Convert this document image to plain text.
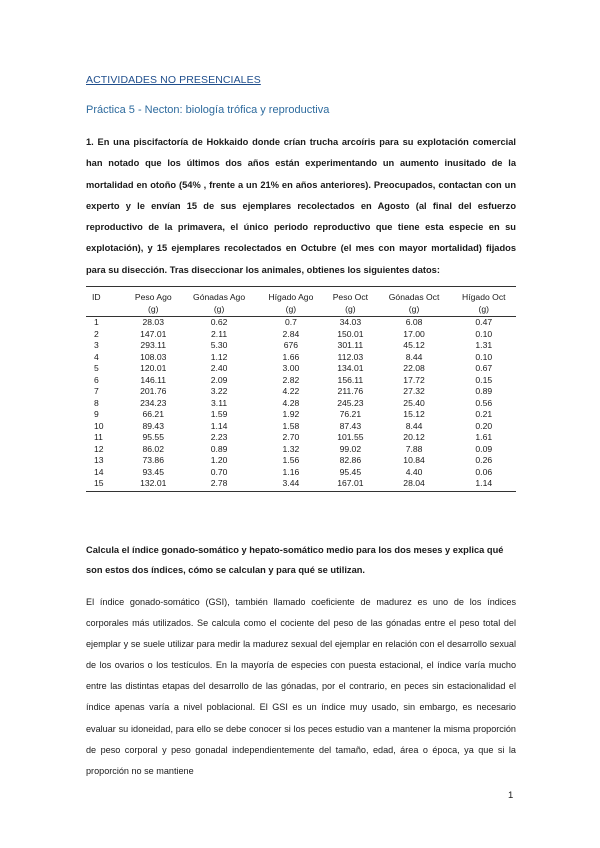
ACTIVIDADES NO PRESENCIALES
Práctica 5 - Necton: biología trófica y reproductiva
1. En una piscifactoría de Hokkaido donde crían trucha arcoíris para su explotación comercial han notado que los últimos dos años están experimentando un aumento inusitado de la mortalidad en otoño (54% , frente a un 21% en años anteriores). Preocupados, contactan con un experto y le envían 15 de sus ejemplares recolectados en Agosto (al final del esfuerzo reproductivo de la primavera, el único periodo reproductivo que tiene esta especie en su explotación), y 15 ejemplares recolectados en Octubre (el mes con mayor mortalidad) fijados para su disección. Tras diseccionar los animales, obtienes los siguientes datos:
ID	Peso Ago	Gónadas Ago	Hígado Ago	Peso Oct	Gónadas Oct	Hígado Oct
	(g)	(g)	(g)	(g)	(g)	(g)
1	28.03	0.62	0.7	34.03	6.08	0.47
2	147.01	2.11	2.84	150.01	17.00	0.10
3	293.11	5.30	676	301.11	45.12	1.31
4	108.03	1.12	1.66	112.03	8.44	0.10
5	120.01	2.40	3.00	134.01	22.08	0.67
6	146.11	2.09	2.82	156.11	17.72	0.15
7	201.76	3.22	4.22	211.76	27.32	0.89
8	234.23	3.11	4.28	245.23	25.40	0.56
9	66.21	1.59	1.92	76.21	15.12	0.21
10	89.43	1.14	1.58	87.43	8.44	0.20
11	95.55	2.23	2.70	101.55	20.12	1.61
12	86.02	0.89	1.32	99.02	7.88	0.09
13	73.86	1.20	1.56	82.86	10.84	0.26
14	93.45	0.70	1.16	95.45	4.40	0.06
15	132.01	2.78	3.44	167.01	28.04	1.14
Calcula el índice gonado-somático y hepato-somático medio para los dos meses y explica qué son estos dos índices, cómo se calculan y para qué se utilizan.
El índice gonado-somático (GSI), también llamado coeficiente de madurez es uno de los índices corporales más utilizados. Se calcula como el cociente del peso de las gónadas entre el peso total del ejemplar y se suele utilizar para medir la madurez sexual del ejemplar en relación con el desarrollo sexual de los ovarios o los testículos. En la mayoría de especies con puesta estacional, el índice varía mucho entre las distintas etapas del desarrollo de las gónadas, por el contrario, en peces sin estacionalidad el índice apenas varía a nivel poblacional. El GSI es un índice muy usado, sin embargo, es necesario evaluar su idoneidad, para ello se debe conocer si los peces estudio van a mantener la misma proporción de peso corporal y peso gonadal independientemente del tamaño, edad, área o época, ya que si la proporción no se mantiene
1
